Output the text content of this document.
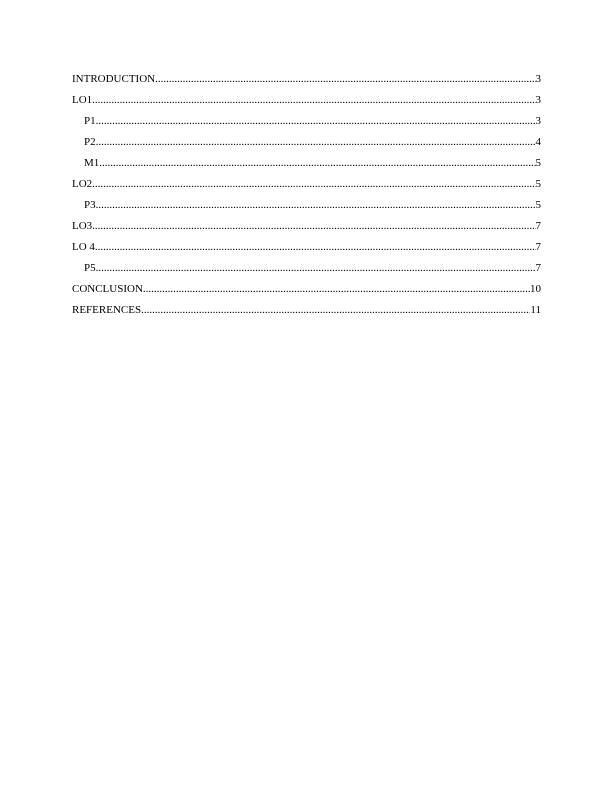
INTRODUCTION .....	3
LO1 .....	3
P1 .....	3
P2 .....	4
M1 .....	5
LO2 .....	5
P3 .....	5
LO3 .....	7
LO 4 .....	7
P5 .....	7
CONCLUSION .....	10
REFERENCES .....	11
